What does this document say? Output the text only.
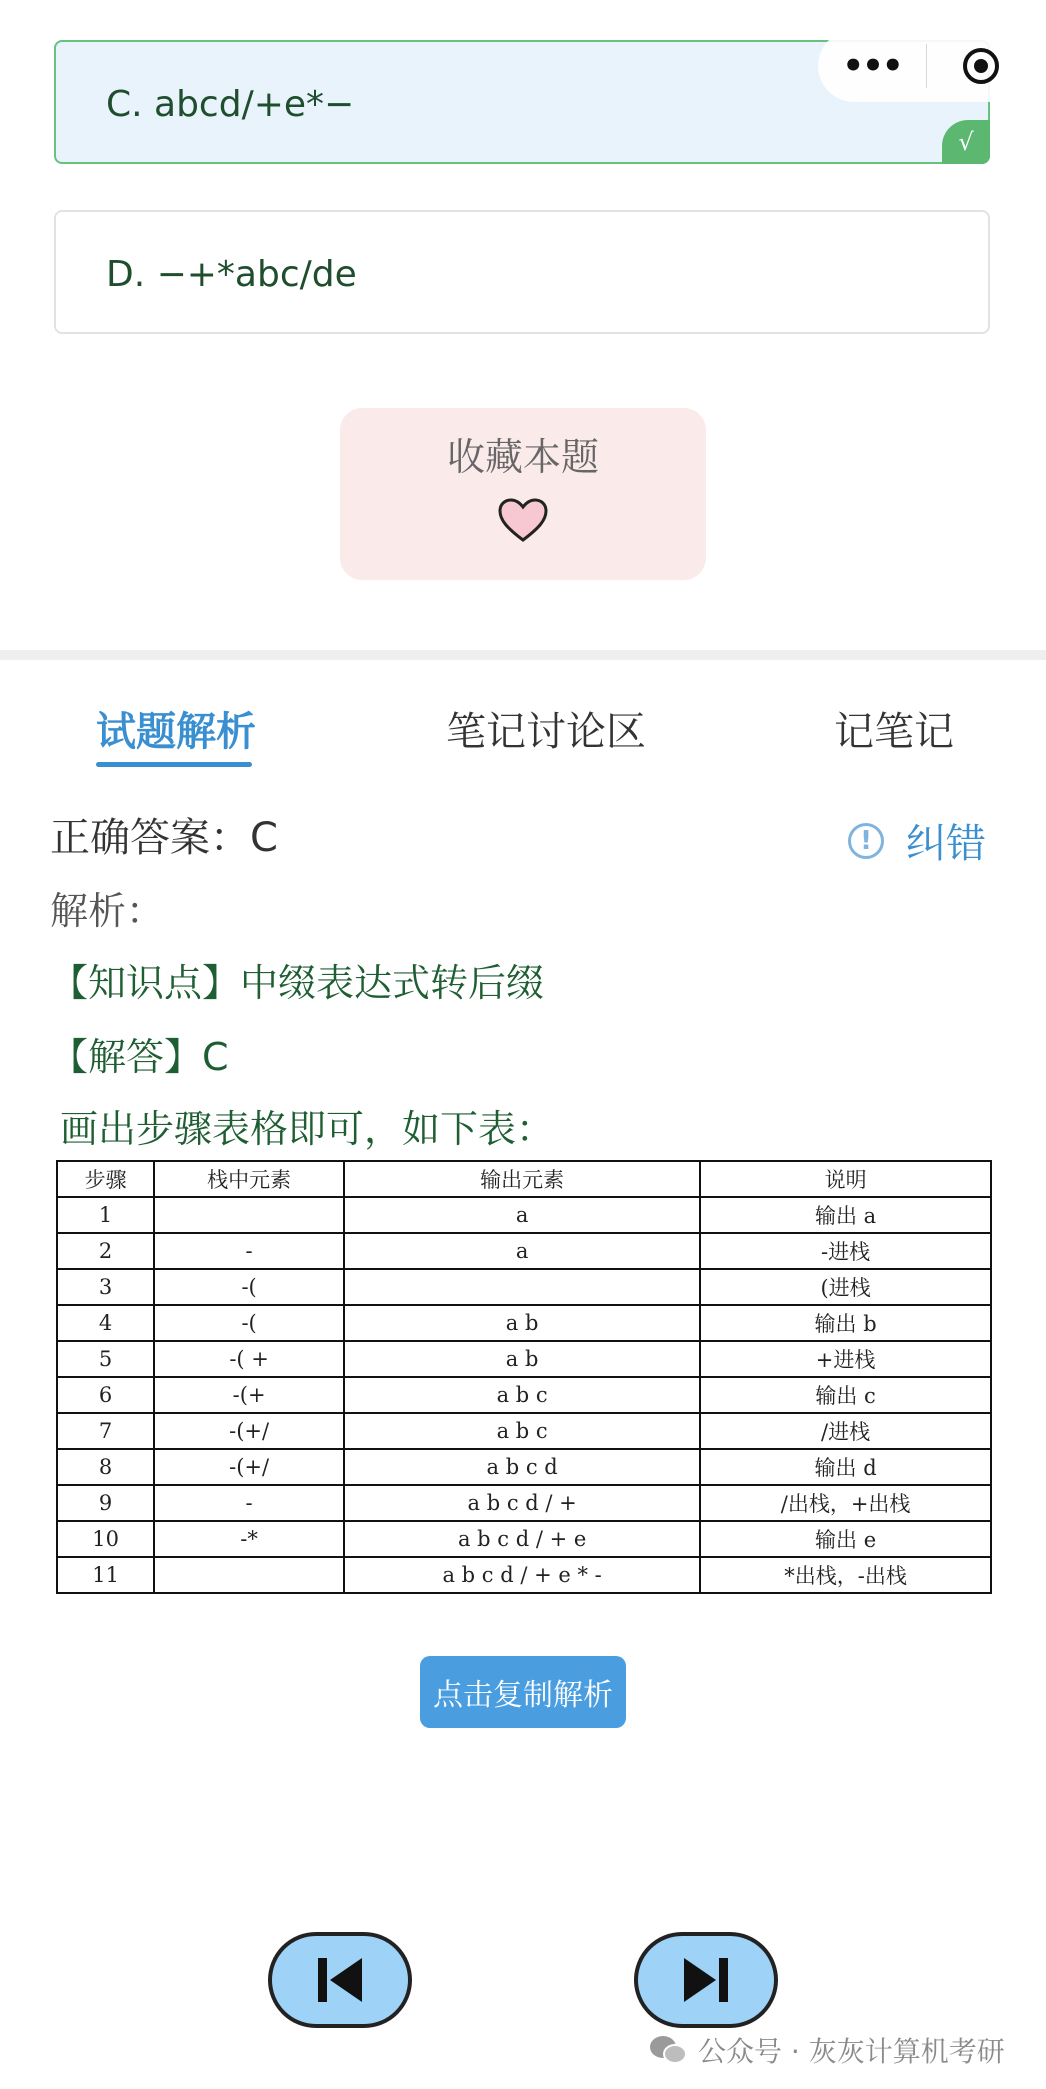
C. abcd/+e*−
√
•••
D. −+*abc/de
收藏本题
试题解析	笔记讨论区	记笔记
正确答案：C	! 纠错
解析：
【知识点】中缀表达式转后缀
【解答】C
画出步骤表格即可，如下表：
步骤	栈中元素	输出元素	说明
1		a	输出 a
2	-	a	-进栈
3	-(		(进栈
4	-(	a b	输出 b
5	-( +	a b	+进栈
6	-(+	a b c	输出 c
7	-(+/	a b c	/进栈
8	-(+/	a b c d	输出 d
9	-	a b c d / +	/出栈，+出栈
10	-*	a b c d / + e	输出 e
11		a b c d / + e * -	*出栈，-出栈
点击复制解析
公众号 · 灰灰计算机考研
